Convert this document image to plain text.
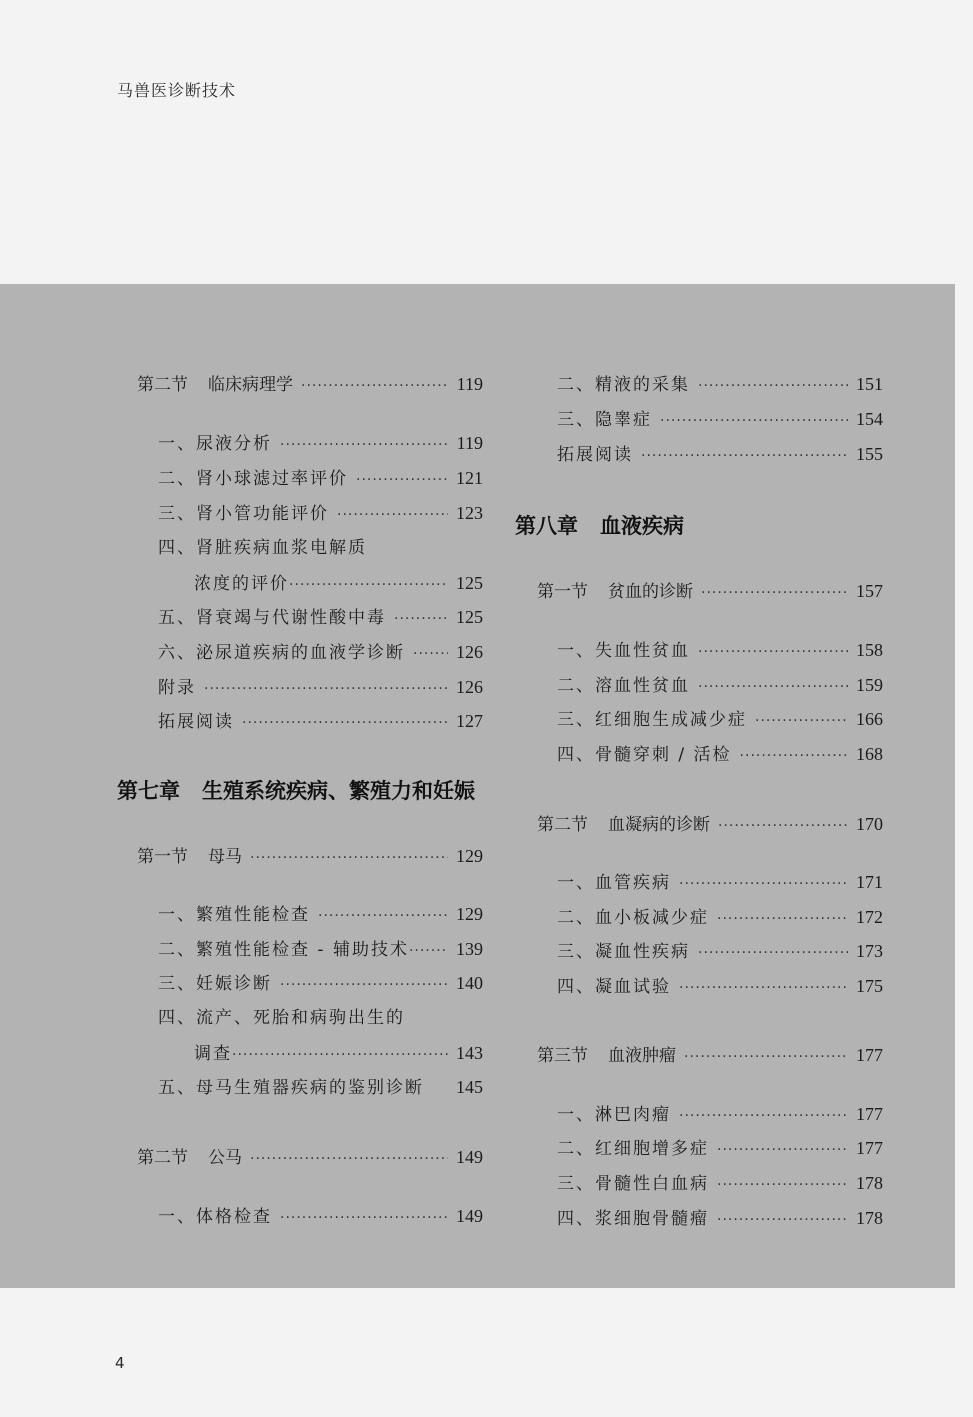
马兽医诊断技术
第二节 临床病理学 ·····	119
一、尿液分析 ·····	119
二、肾小球滤过率评价 ·····	121
三、肾小管功能评价 ·····	123
四、肾脏疾病血浆电解质
浓度的评价 ·····	125
五、肾衰竭与代谢性酸中毒 ·····	125
六、泌尿道疾病的血液学诊断 ·····	126
附录 ·····	126
拓展阅读 ·····	127
第七章 生殖系统疾病、繁殖力和妊娠
第一节 母马 ·····	129
一、繁殖性能检查 ·····	129
二、繁殖性能检查 - 辅助技术 ·····	139
三、妊娠诊断 ·····	140
四、流产、死胎和病驹出生的
调查 ·····	143
五、母马生殖器疾病的鉴别诊断 145
第二节 公马 ·····	149
一、体格检查 ·····	149
二、精液的采集 ·····	151
三、隐睾症 ·····	154
拓展阅读 ·····	155
第八章 血液疾病
第一节 贫血的诊断 ·····	157
一、失血性贫血 ·····	158
二、溶血性贫血 ·····	159
三、红细胞生成减少症 ·····	166
四、骨髓穿刺 / 活检 ·····	168
第二节 血凝病的诊断 ·····	170
一、血管疾病 ·····	171
二、血小板减少症 ·····	172
三、凝血性疾病 ·····	173
四、凝血试验 ·····	175
第三节 血液肿瘤 ·····	177
一、淋巴肉瘤 ·····	177
二、红细胞增多症 ·····	177
三、骨髓性白血病 ·····	178
四、浆细胞骨髓瘤 ·····	178
4
